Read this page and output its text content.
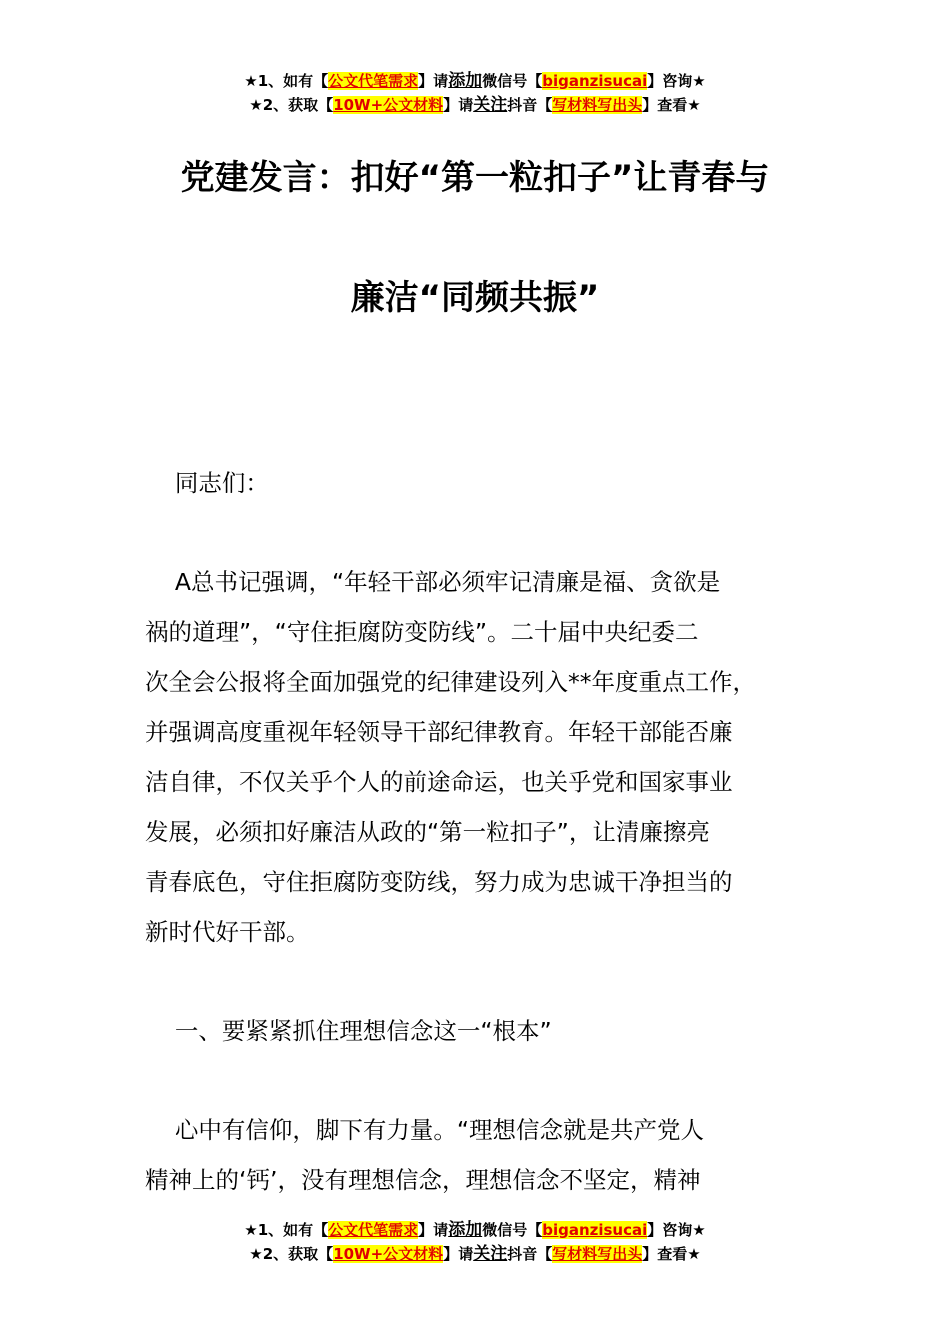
★1、如有【公文代笔需求】请添加微信号【biganzisucai】咨询★
★2、获取【10W+公文材料】请关注抖音【写材料写出头】查看★
党建发言：扣好“第一粒扣子”让青春与
廉洁“同频共振”
同志们：
A总书记强调，“年轻干部必须牢记清廉是福、贪欲是
祸的道理”，“守住拒腐防变防线”。二十届中央纪委二
次全会公报将全面加强党的纪律建设列入**年度重点工作，
并强调高度重视年轻领导干部纪律教育。年轻干部能否廉
洁自律，不仅关乎个人的前途命运，也关乎党和国家事业
发展，必须扣好廉洁从政的“第一粒扣子”，让清廉擦亮
青春底色，守住拒腐防变防线，努力成为忠诚干净担当的
新时代好干部。
一、要紧紧抓住理想信念这一“根本”
心中有信仰，脚下有力量。“理想信念就是共产党人
精神上的‘钙’，没有理想信念，理想信念不坚定，精神
★1、如有【公文代笔需求】请添加微信号【biganzisucai】咨询★
★2、获取【10W+公文材料】请关注抖音【写材料写出头】查看★
